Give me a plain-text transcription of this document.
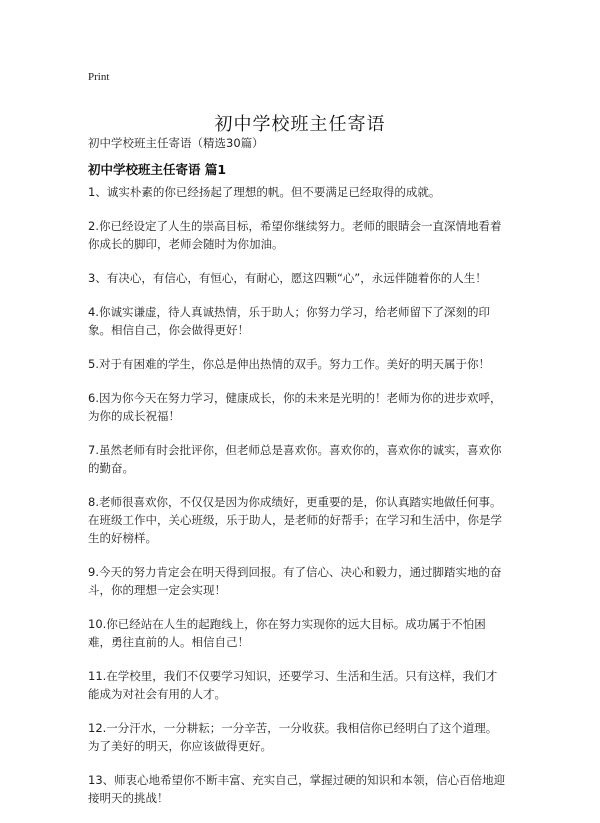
Print
初中学校班主任寄语
初中学校班主任寄语（精选30篇）
初中学校班主任寄语 篇1

1、诚实朴素的你已经扬起了理想的帆。但不要满足已经取得的成就。

2.你已经设定了人生的崇高目标，希望你继续努力。老师的眼睛会一直深情地看着你成长的脚印，老师会随时为你加油。

3、有决心，有信心，有恒心，有耐心，愿这四颗“心”，永远伴随着你的人生！

4.你诚实谦虚，待人真诚热情，乐于助人；你努力学习，给老师留下了深刻的印象。相信自己，你会做得更好！

5.对于有困难的学生，你总是伸出热情的双手。努力工作。美好的明天属于你！

6.因为你今天在努力学习，健康成长，你的未来是光明的！老师为你的进步欢呼，为你的成长祝福！

7.虽然老师有时会批评你，但老师总是喜欢你。喜欢你的，喜欢你的诚实，喜欢你的勤奋。

8.老师很喜欢你，不仅仅是因为你成绩好，更重要的是，你认真踏实地做任何事。在班级工作中，关心班级，乐于助人，是老师的好帮手；在学习和生活中，你是学生的好榜样。

9.今天的努力肯定会在明天得到回报。有了信心、决心和毅力，通过脚踏实地的奋斗，你的理想一定会实现！

10.你已经站在人生的起跑线上，你在努力实现你的远大目标。成功属于不怕困难，勇往直前的人。相信自己！

11.在学校里，我们不仅要学习知识，还要学习、生活和生活。只有这样，我们才能成为对社会有用的人才。

12.一分汗水，一分耕耘；一分辛苦，一分收获。我相信你已经明白了这个道理。为了美好的明天，你应该做得更好。

13、师衷心地希望你不断丰富、充实自己，掌握过硬的知识和本领，信心百倍地迎接明天的挑战！
